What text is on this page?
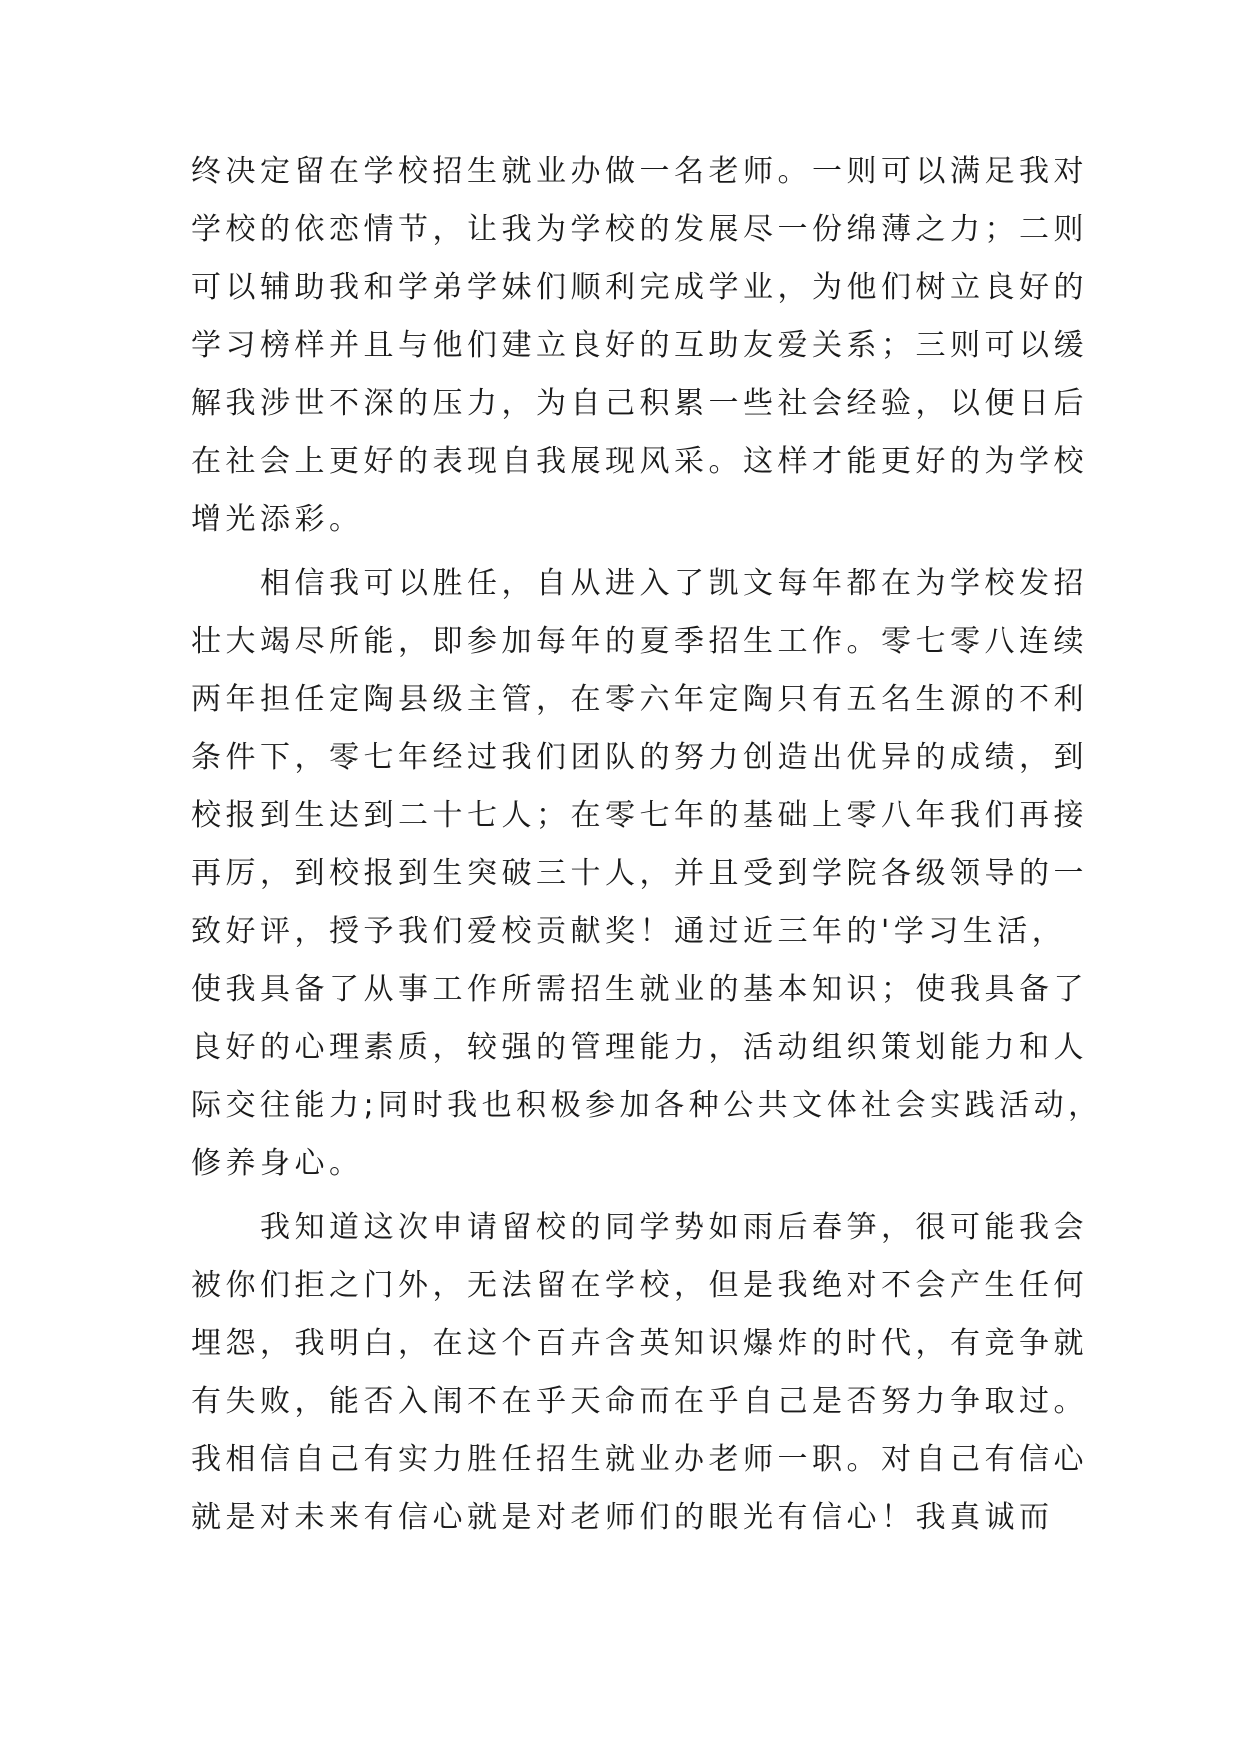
终决定留在学校招生就业办做一名老师。一则可以满足我对
学校的依恋情节，让我为学校的发展尽一份绵薄之力；二则
可以辅助我和学弟学妹们顺利完成学业，为他们树立良好的
学习榜样并且与他们建立良好的互助友爱关系；三则可以缓
解我涉世不深的压力，为自己积累一些社会经验，以便日后
在社会上更好的表现自我展现风采。这样才能更好的为学校
增光添彩。
相信我可以胜任，自从进入了凯文每年都在为学校发招
壮大竭尽所能，即参加每年的夏季招生工作。零七零八连续
两年担任定陶县级主管，在零六年定陶只有五名生源的不利
条件下，零七年经过我们团队的努力创造出优异的成绩，到
校报到生达到二十七人；在零七年的基础上零八年我们再接
再厉，到校报到生突破三十人，并且受到学院各级领导的一
致好评，授予我们爱校贡献奖！通过近三年的'学习生活，
使我具备了从事工作所需招生就业的基本知识；使我具备了
良好的心理素质，较强的管理能力，活动组织策划能力和人
际交往能力;同时我也积极参加各种公共文体社会实践活动，
修养身心。
我知道这次申请留校的同学势如雨后春笋，很可能我会
被你们拒之门外，无法留在学校，但是我绝对不会产生任何
埋怨，我明白，在这个百卉含英知识爆炸的时代，有竞争就
有失败，能否入闱不在乎天命而在乎自己是否努力争取过。
我相信自己有实力胜任招生就业办老师一职。对自己有信心
就是对未来有信心就是对老师们的眼光有信心！我真诚而
